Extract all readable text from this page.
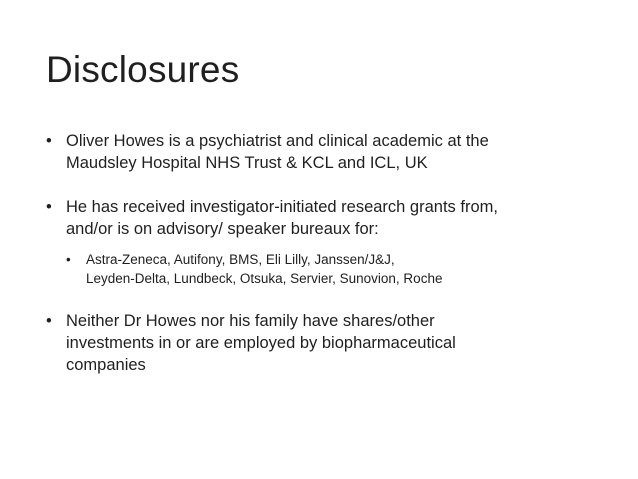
Disclosures
• Oliver Howes is a psychiatrist and clinical academic at the
Maudsley Hospital NHS Trust & KCL and ICL, UK
• He has received investigator-initiated research grants from,
and/or is on advisory/ speaker bureaux for:
• Astra-Zeneca, Autifony, BMS, Eli Lilly, Janssen/J&J,
Leyden-Delta, Lundbeck, Otsuka, Servier, Sunovion, Roche
• Neither Dr Howes nor his family have shares/other
investments in or are employed by biopharmaceutical
companies
